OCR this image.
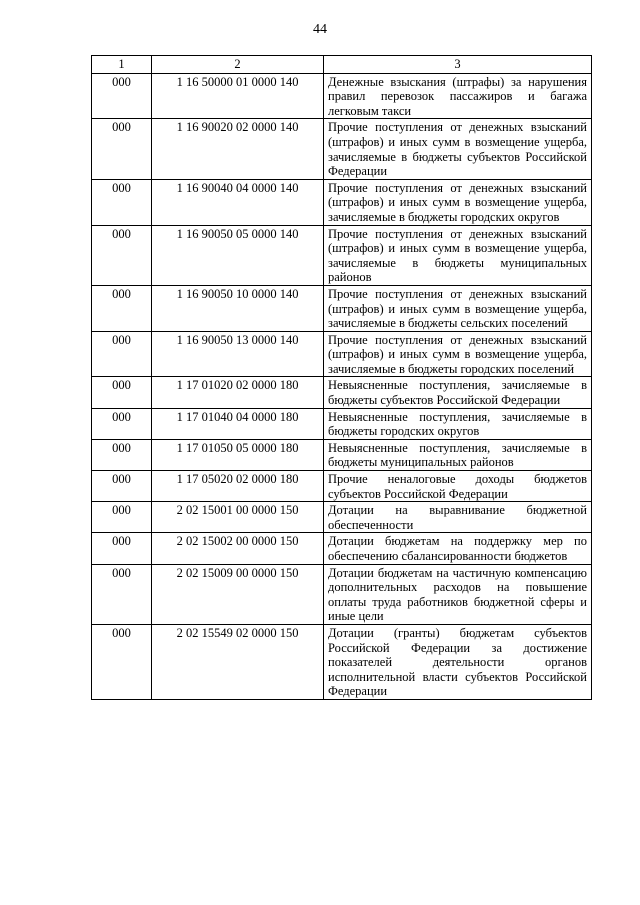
44
1	2	3
000	1 16 50000 01 0000 140	Денежные взыскания (штрафы) за нарушения правил перевозок пассажиров и багажа легковым такси
000	1 16 90020 02 0000 140	Прочие поступления от денежных взысканий (штрафов) и иных сумм в возмещение ущерба, зачисляемые в бюджеты субъектов Российской Федерации
000	1 16 90040 04 0000 140	Прочие поступления от денежных взысканий (штрафов) и иных сумм в возмещение ущерба, зачисляемые в бюджеты городских округов
000	1 16 90050 05 0000 140	Прочие поступления от денежных взысканий (штрафов) и иных сумм в возмещение ущерба, зачисляемые в бюджеты муниципальных районов
000	1 16 90050 10 0000 140	Прочие поступления от денежных взысканий (штрафов) и иных сумм в возмещение ущерба, зачисляемые в бюджеты сельских поселений
000	1 16 90050 13 0000 140	Прочие поступления от денежных взысканий (штрафов) и иных сумм в возмещение ущерба, зачисляемые в бюджеты городских поселений
000	1 17 01020 02 0000 180	Невыясненные поступления, зачисляемые в бюджеты субъектов Российской Федерации
000	1 17 01040 04 0000 180	Невыясненные поступления, зачисляемые в бюджеты городских округов
000	1 17 01050 05 0000 180	Невыясненные поступления, зачисляемые в бюджеты муниципальных районов
000	1 17 05020 02 0000 180	Прочие неналоговые доходы бюджетов субъектов Российской Федерации
000	2 02 15001 00 0000 150	Дотации на выравнивание бюджетной обеспеченности
000	2 02 15002 00 0000 150	Дотации бюджетам на поддержку мер по обеспечению сбалансированности бюджетов
000	2 02 15009 00 0000 150	Дотации бюджетам на частичную компенсацию дополнительных расходов на повышение оплаты труда работников бюджетной сферы и иные цели
000	2 02 15549 02 0000 150	Дотации (гранты) бюджетам субъектов Российской Федерации за достижение показателей деятельности органов исполнительной власти субъектов Российской Федерации
